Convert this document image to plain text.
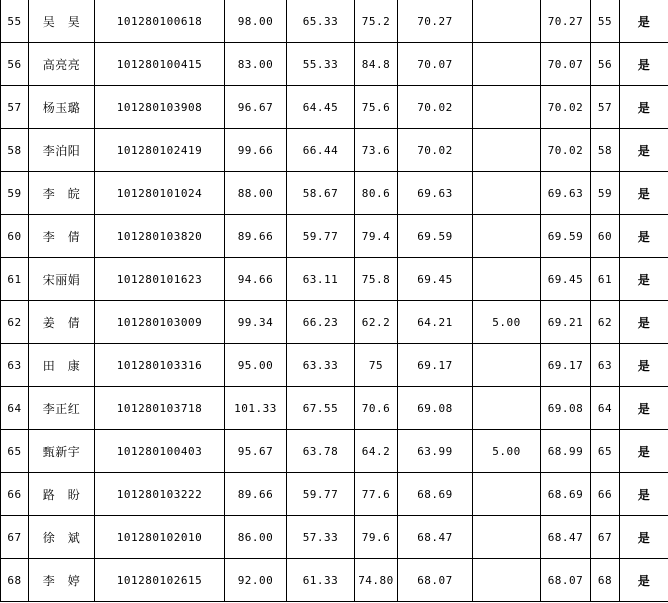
55	吴　昊	101280100618	98.00	65.33	75.2	70.27		70.27	55	是
56	高亮亮	101280100415	83.00	55.33	84.8	70.07		70.07	56	是
57	杨玉璐	101280103908	96.67	64.45	75.6	70.02		70.02	57	是
58	李泊阳	101280102419	99.66	66.44	73.6	70.02		70.02	58	是
59	李　皖	101280101024	88.00	58.67	80.6	69.63		69.63	59	是
60	李　倩	101280103820	89.66	59.77	79.4	69.59		69.59	60	是
61	宋丽娟	101280101623	94.66	63.11	75.8	69.45		69.45	61	是
62	姜　倩	101280103009	99.34	66.23	62.2	64.21	5.00	69.21	62	是
63	田　康	101280103316	95.00	63.33	75	69.17		69.17	63	是
64	李正红	101280103718	101.33	67.55	70.6	69.08		69.08	64	是
65	甄新宇	101280100403	95.67	63.78	64.2	63.99	5.00	68.99	65	是
66	路　盼	101280103222	89.66	59.77	77.6	68.69		68.69	66	是
67	徐　斌	101280102010	86.00	57.33	79.6	68.47		68.47	67	是
68	李　婷	101280102615	92.00	61.33	74.80	68.07		68.07	68	是
